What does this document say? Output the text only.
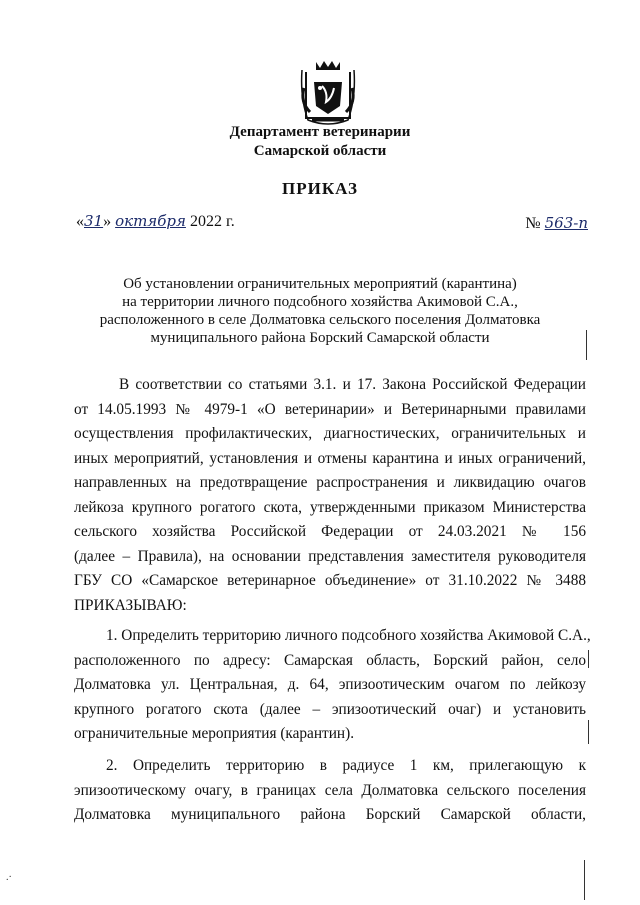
Департамент ветеринарии
Самарской области
ПРИКАЗ
«31» октября 2022 г.	№ 563-п
Об установлении ограничительных мероприятий (карантина)
на территории личного подсобного хозяйства Акимовой С.А.,
расположенного в селе Долматовка сельского поселения Долматовка
муниципального района Борский Самарской области
В соответствии со статьями 3.1. и 17. Закона Российской Федерации
от 14.05.1993 № 4979-1 «О ветеринарии» и Ветеринарными правилами
осуществления профилактических, диагностических, ограничительных и
иных мероприятий, установления и отмены карантина и иных ограничений,
направленных на предотвращение распространения и ликвидацию очагов
лейкоза крупного рогатого скота, утвержденными приказом Министерства
сельского хозяйства Российской Федерации от 24.03.2021 № 156
(далее – Правила), на основании представления заместителя руководителя
ГБУ СО «Самарское ветеринарное объединение» от 31.10.2022 № 3488
ПРИКАЗЫВАЮ:
1. Определить территорию личного подсобного хозяйства Акимовой С.А.,
расположенного по адресу: Самарская область, Борский район, село
Долматовка ул. Центральная, д. 64, эпизоотическим очагом по лейкозу
крупного рогатого скота (далее – эпизоотический очаг) и установить
ограничительные мероприятия (карантин).
2. Определить территорию в радиусе 1 км, прилегающую к
эпизоотическому очагу, в границах села Долматовка сельского поселения
Долматовка муниципального района Борский Самарской области,
.·
